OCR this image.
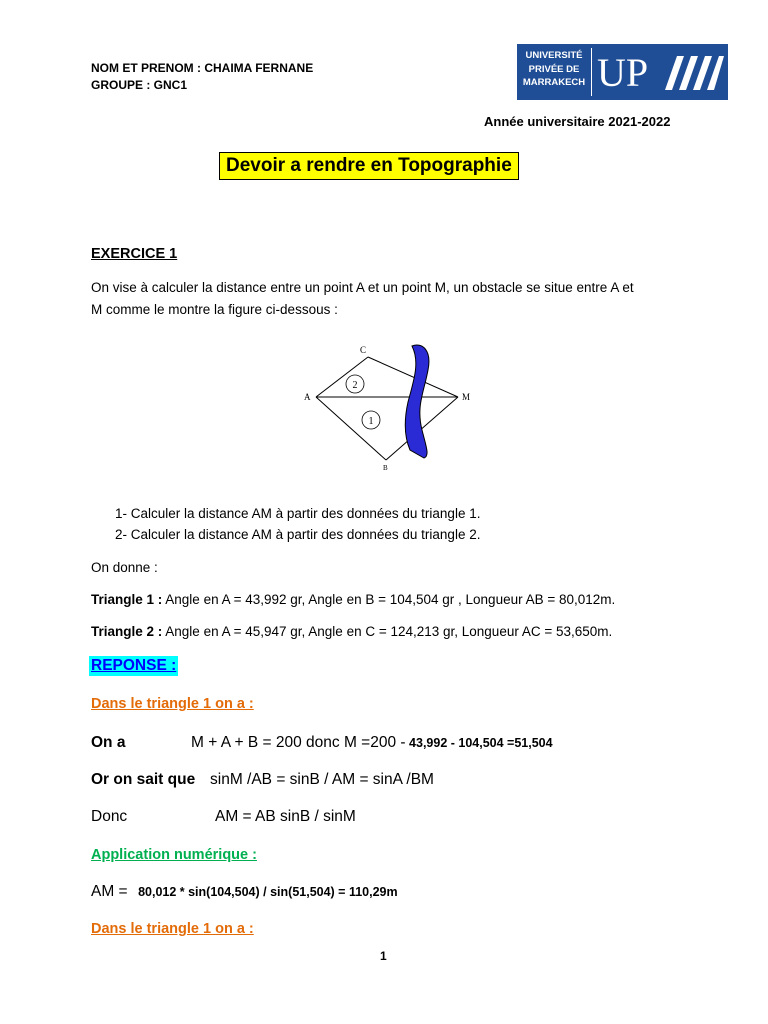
NOM ET PRENOM : CHAIMA FERNANE
GROUPE : GNC1
UNIVERSITÉ
PRIVÉE DE
MARRAKECH UP
Année universitaire 2021-2022
Devoir a rendre en Topographie
EXERCICE 1
On vise à calculer la distance entre un point A et un point M, un obstacle se situe entre A et
M comme le montre la figure ci-dessous :
2
1
A
C
M
B
1- Calculer la distance AM à partir des données du triangle 1.
2- Calculer la distance AM à partir des données du triangle 2.
On donne :
Triangle 1 : Angle en A = 43,992 gr, Angle en B = 104,504 gr , Longueur AB = 80,012m.
Triangle 2 : Angle en A = 45,947 gr, Angle en C = 124,213 gr, Longueur AC = 53,650m.
REPONSE :
Dans le triangle 1 on a :
On a	M + A + B = 200 donc M =200 - 43,992 - 104,504 =51,504
Or on sait que sinM /AB = sinB / AM = sinA /BM
Donc	AM = AB sinB / sinM
Application numérique :
AM = 80,012 * sin(104,504) / sin(51,504) = 110,29m
Dans le triangle 1 on a :
1
